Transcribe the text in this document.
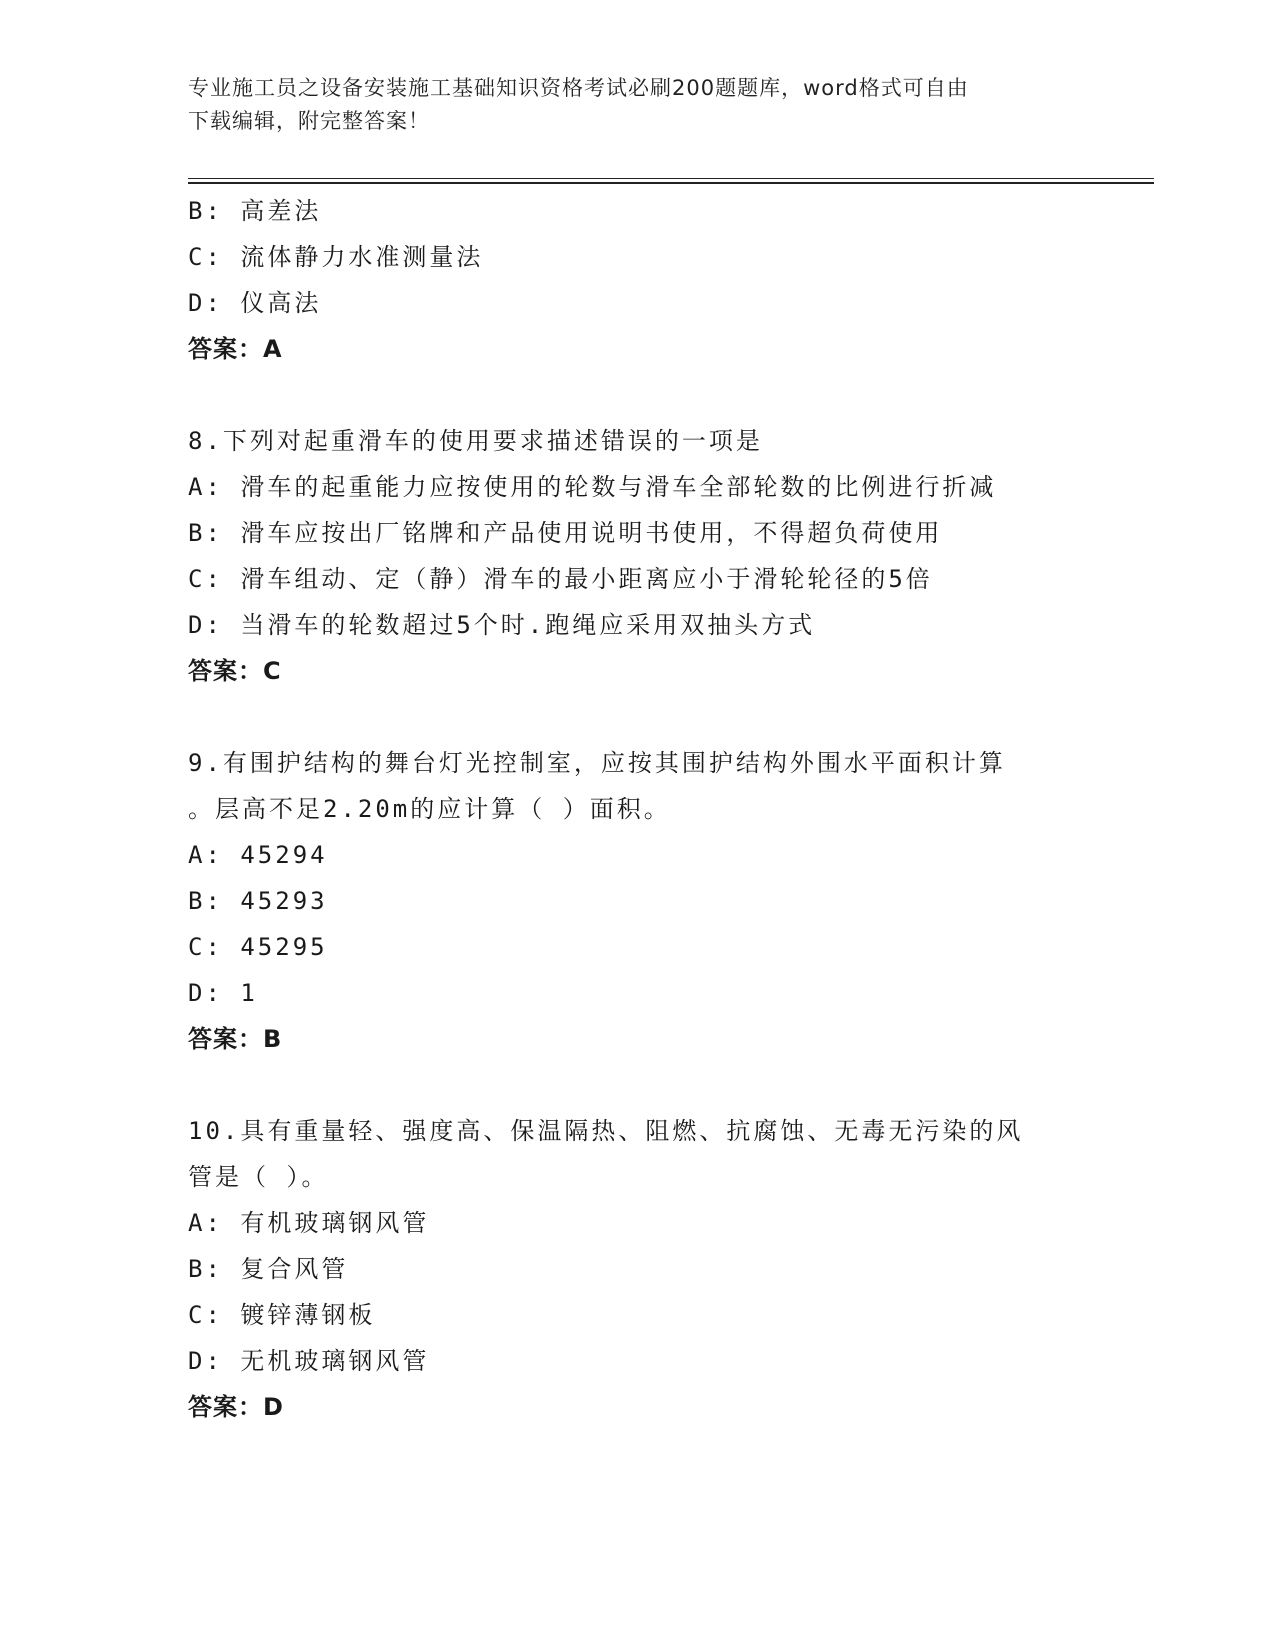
专业施工员之设备安装施工基础知识资格考试必刷200题题库，word格式可自由
下载编辑，附完整答案！
B: 高差法
C: 流体静力水准测量法
D: 仪高法
答案：A
8.下列对起重滑车的使用要求描述错误的一项是
A: 滑车的起重能力应按使用的轮数与滑车全部轮数的比例进行折减
B: 滑车应按出厂铭牌和产品使用说明书使用，不得超负荷使用
C: 滑车组动、定（静）滑车的最小距离应小于滑轮轮径的5倍
D: 当滑车的轮数超过5个时.跑绳应采用双抽头方式
答案：C
9.有围护结构的舞台灯光控制室，应按其围护结构外围水平面积计算
。层高不足2.20m的应计算（ ）面积。
A: 45294
B: 45293
C: 45295
D: 1
答案：B
10.具有重量轻、强度高、保温隔热、阻燃、抗腐蚀、无毒无污染的风
管是（ ）。
A: 有机玻璃钢风管
B: 复合风管
C: 镀锌薄钢板
D: 无机玻璃钢风管
答案：D
